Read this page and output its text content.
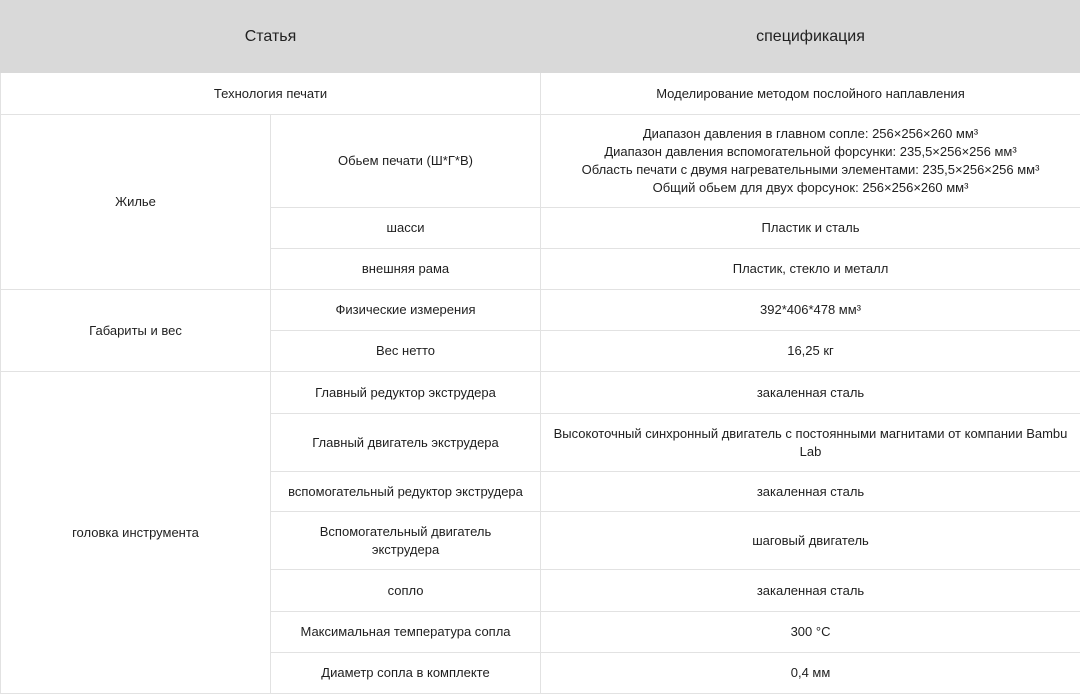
Статья		спецификация
Технология печати		Моделирование методом послойного наплавления
Жилье	Обьем печати (Ш*Г*В)	Диапазон давления в главном сопле: 256×256×260 мм³
Диапазон давления вспомогательной форсунки: 235,5×256×256 мм³
Область печати с двумя нагревательными элементами: 235,5×256×256 мм³
Общий обьем для двух форсунок: 256×256×260 мм³

	шасси	Пластик и сталь
	внешняя рама	Пластик, стекло и металл
Габариты и вес	Физические измерения	392*406*478 мм³
	Вес нетто	16,25 кг
головка инструмента	Главный редуктор экструдера	закаленная сталь
	Главный двигатель экструдера	Высокоточный синхронный двигатель с постоянными магнитами от компании Bambu Lab
	вспомогательный редуктор экструдера	закаленная сталь
	Вспомогательный двигатель экструдера	шаговый двигатель
	сопло	закаленная сталь
	Максимальная температура сопла	300 °C
	Диаметр сопла в комплекте	0,4 мм
